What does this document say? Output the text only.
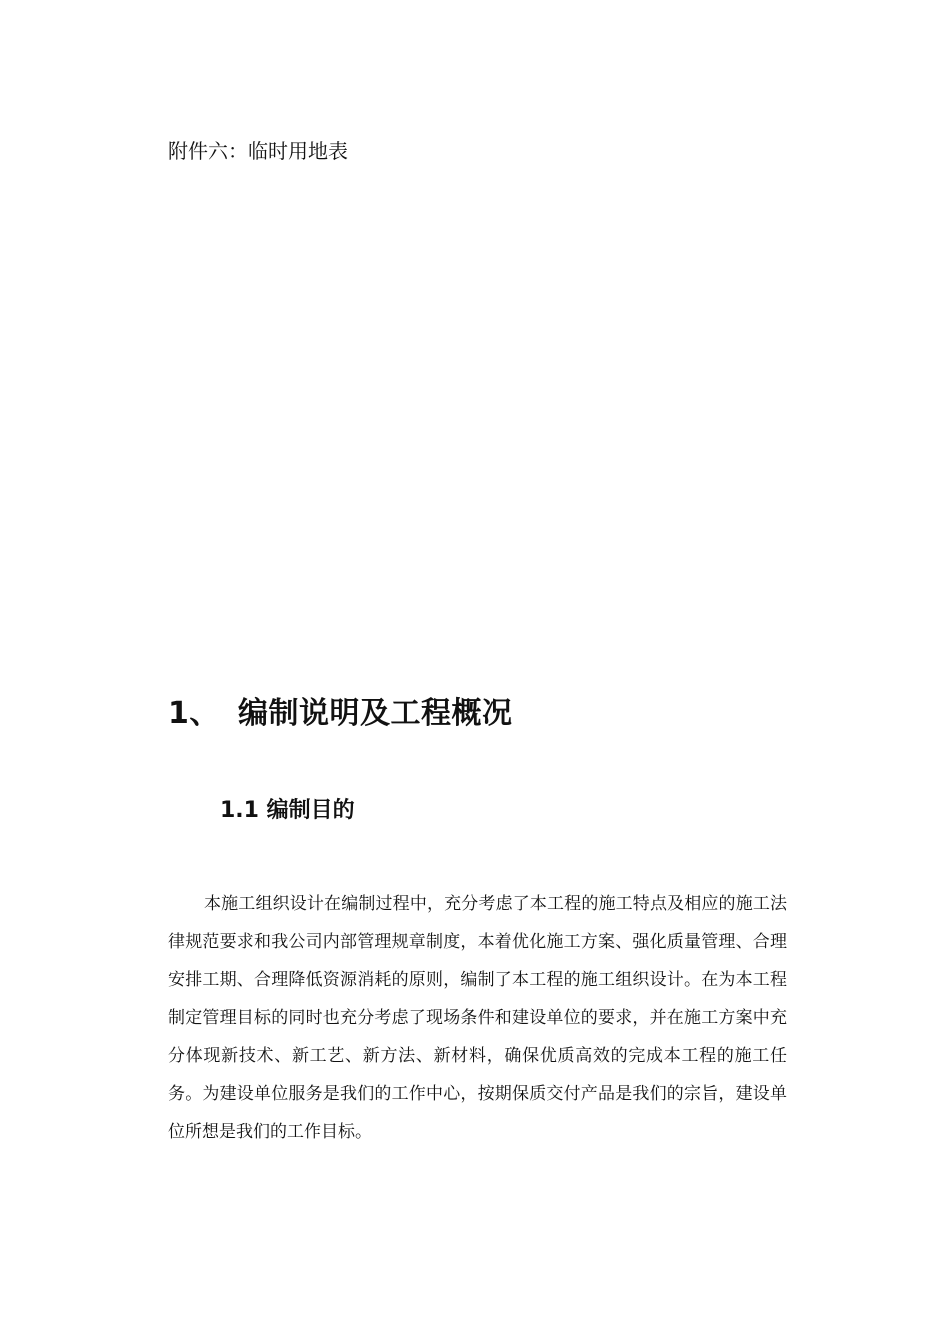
附件六：临时用地表
1、 编制说明及工程概况
1.1 编制目的

本施工组织设计在编制过程中，充分考虑了本工程的施工特点及相应的施工法律规范要求和我公司内部管理规章制度，本着优化施工方案、强化质量管理、合理安排工期、合理降低资源消耗的原则，编制了本工程的施工组织设计。在为本工程制定管理目标的同时也充分考虑了现场条件和建设单位的要求，并在施工方案中充分体现新技术、新工艺、新方法、新材料，确保优质高效的完成本工程的施工任务。为建设单位服务是我们的工作中心，按期保质交付产品是我们的宗旨，建设单位所想是我们的工作目标。
